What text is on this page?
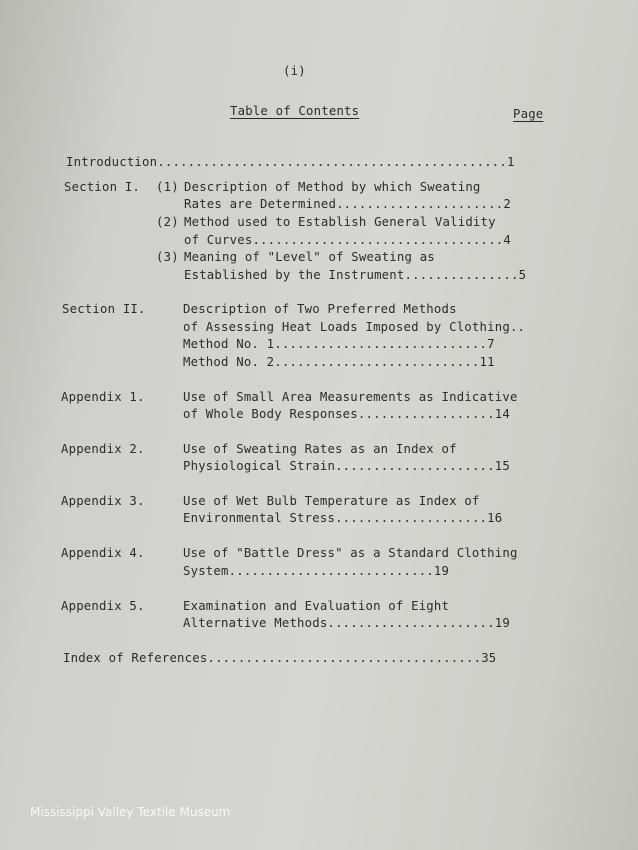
(i)
Table of Contents	Page
Introduction..............................................1
Section I. (1) Description of Method by which Sweating
Rates are Determined......................2
(2) Method used to Establish General Validity
of Curves.................................4
(3) Meaning of "Level" of Sweating as
Established by the Instrument...............5
Section II.	Description of Two Preferred Methods
of Assessing Heat Loads Imposed by Clothing..
Method No. 1............................7
Method No. 2...........................11
Appendix 1.	Use of Small Area Measurements as Indicative
of Whole Body Responses..................14
Appendix 2.	Use of Sweating Rates as an Index of
Physiological Strain.....................15
Appendix 3.	Use of Wet Bulb Temperature as Index of
Environmental Stress....................16
Appendix 4.	Use of "Battle Dress" as a Standard Clothing
System...........................19
Appendix 5.	Examination and Evaluation of Eight
Alternative Methods......................19
Index of References....................................35
Mississippi Valley Textile Museum
